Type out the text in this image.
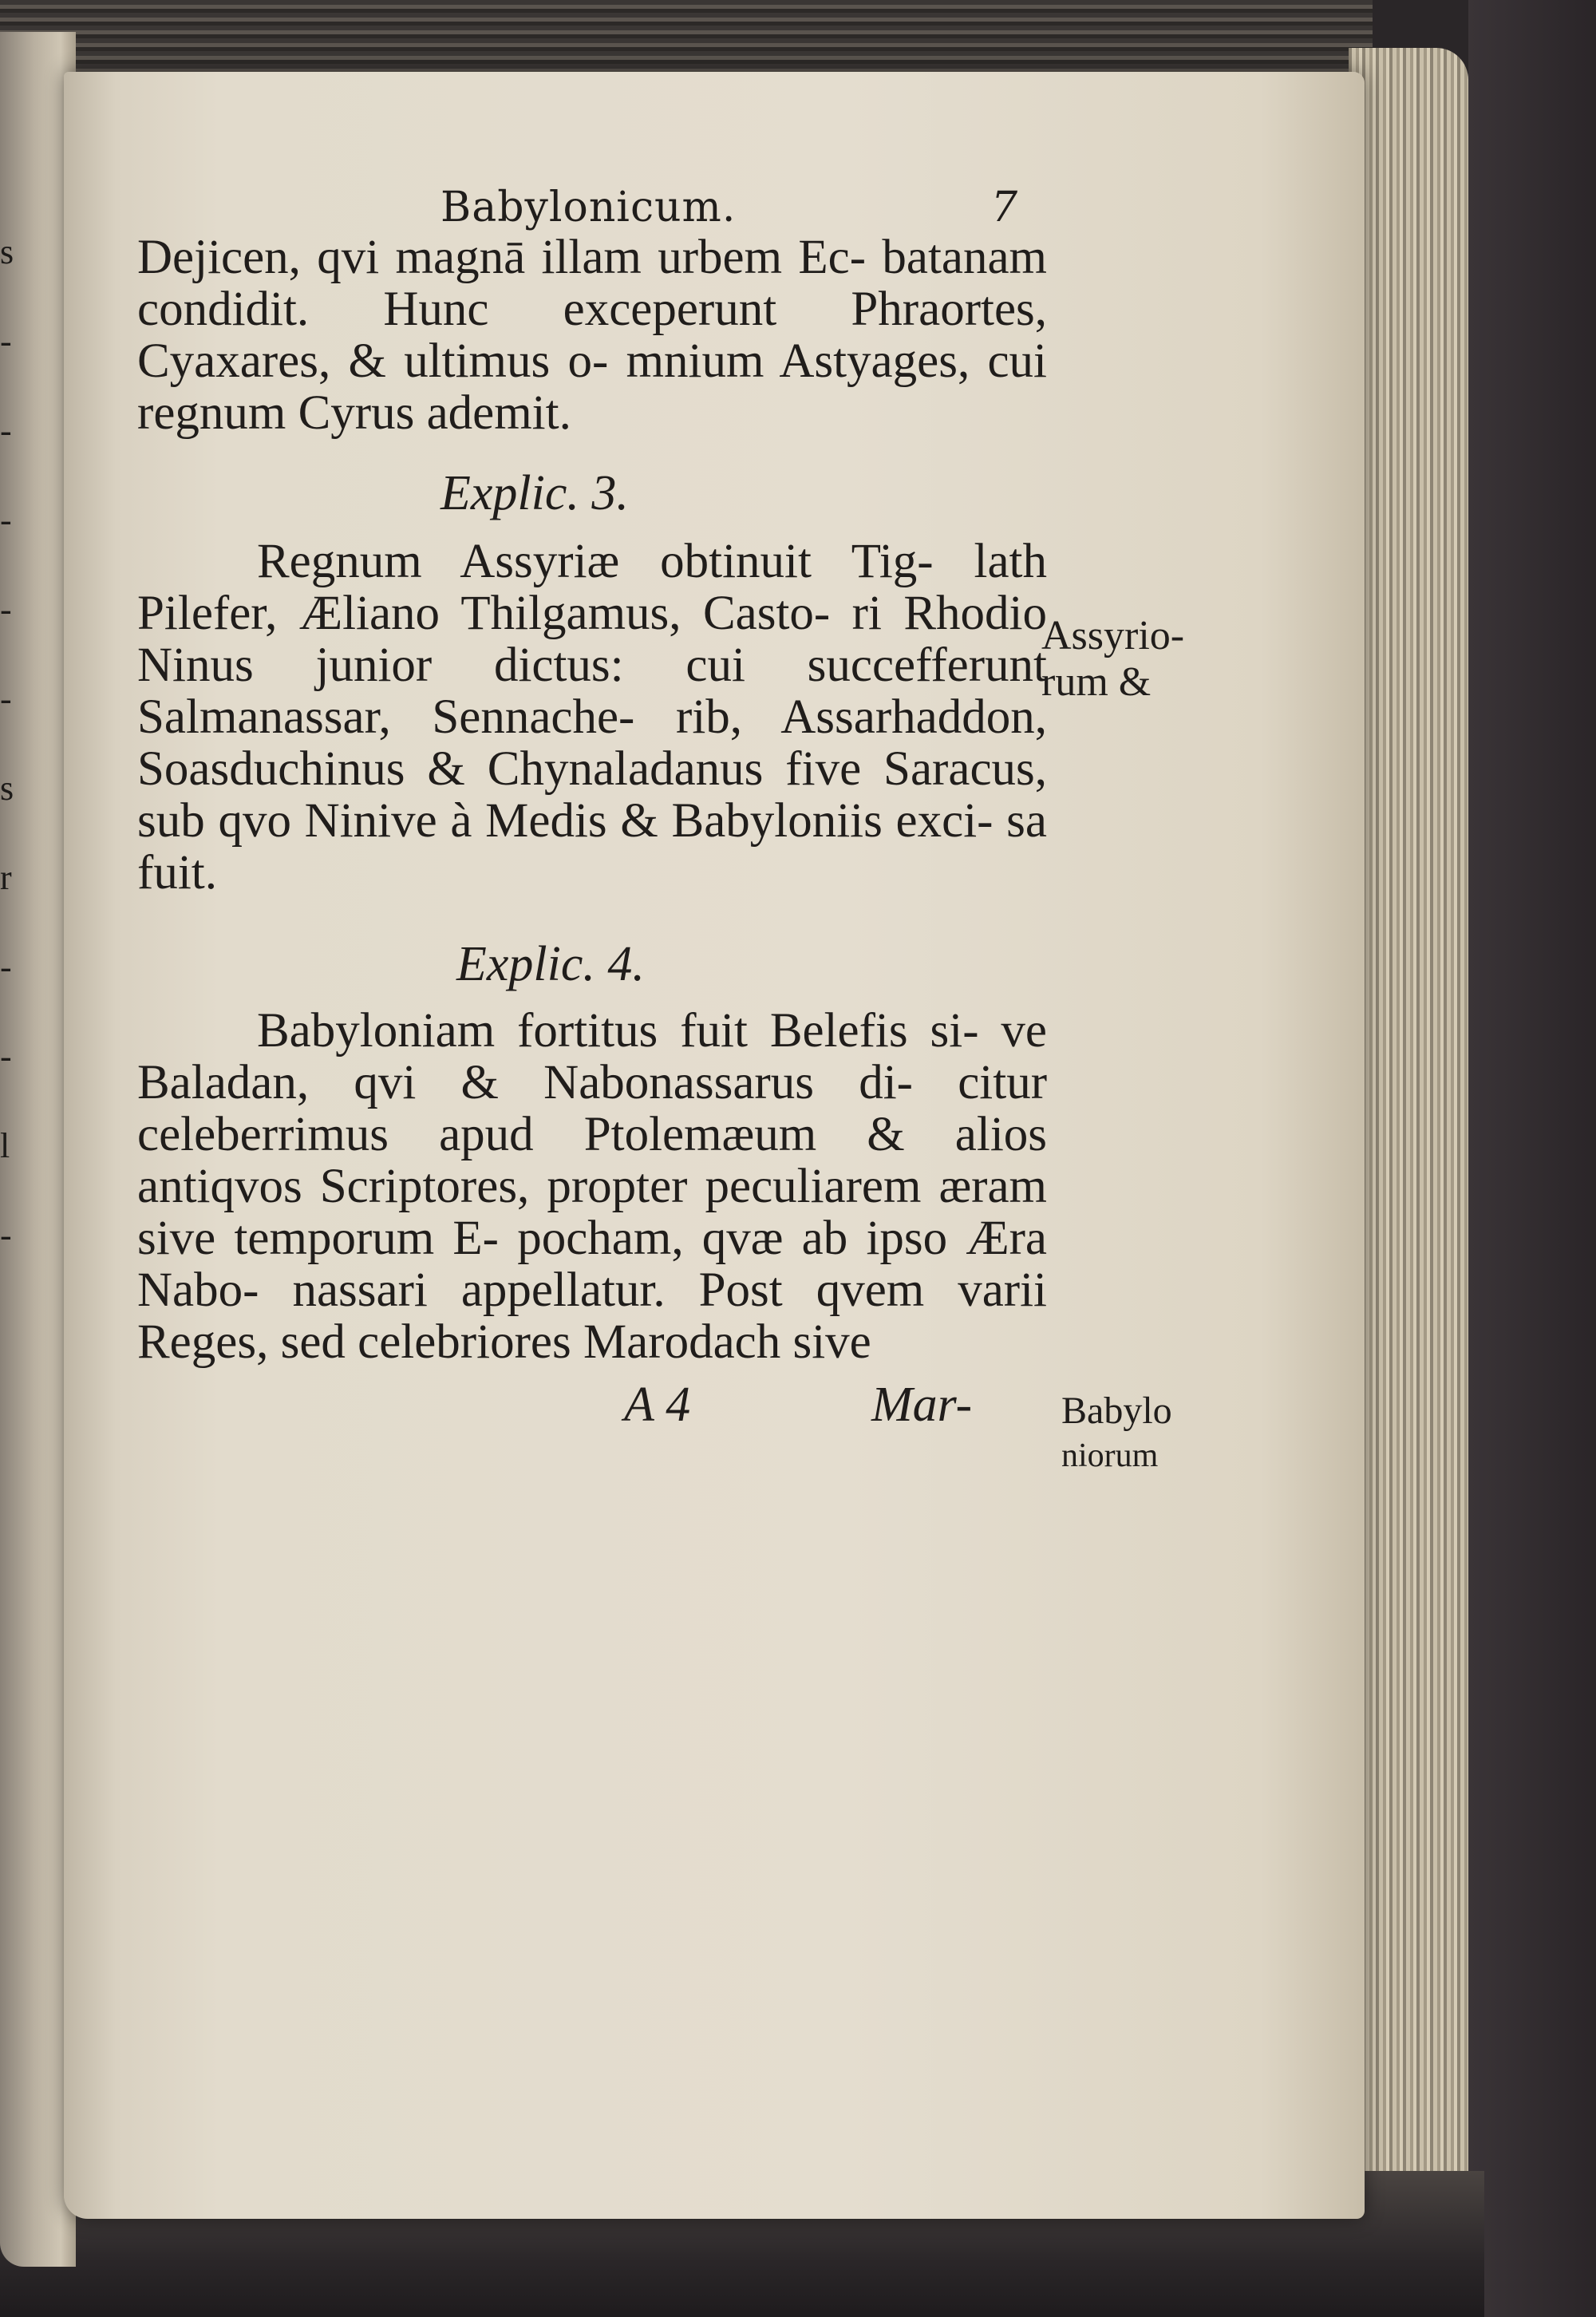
s
-
-
-
-
-
s
r
-
-
l
-
Babylonicum.	7

Dejicen, qvi magnā illam urbem Ec- batanam condidit. Hunc exceperunt Phraortes, Cyaxares, & ultimus o- mnium Astyages, cui regnum Cyrus ademit.

Explic. 3.

Regnum Assyriæ obtinuit Tig- lath Pilefer, Æliano Thilgamus, Casto- ri Rhodio Ninus junior dictus: cui succefferunt Salmanassar, Sennache- rib, Assarhaddon, Soasduchinus & Chynaladanus five Saracus, sub qvo Ninive à Medis & Babyloniis exci- sa fuit.

Explic. 4.

Babyloniam fortitus fuit Belefis si- ve Baladan, qvi & Nabonassarus di- citur celeberrimus apud Ptolemæum & alios antiqvos Scriptores, propter peculiarem æram sive temporum E- pocham, qvæ ab ipso Æra Nabo- nassari appellatur. Post qvem varii Reges, sed celebriores Marodach sive

A 4	Mar-
Assyrio-
rum &
Babylo
niorum
